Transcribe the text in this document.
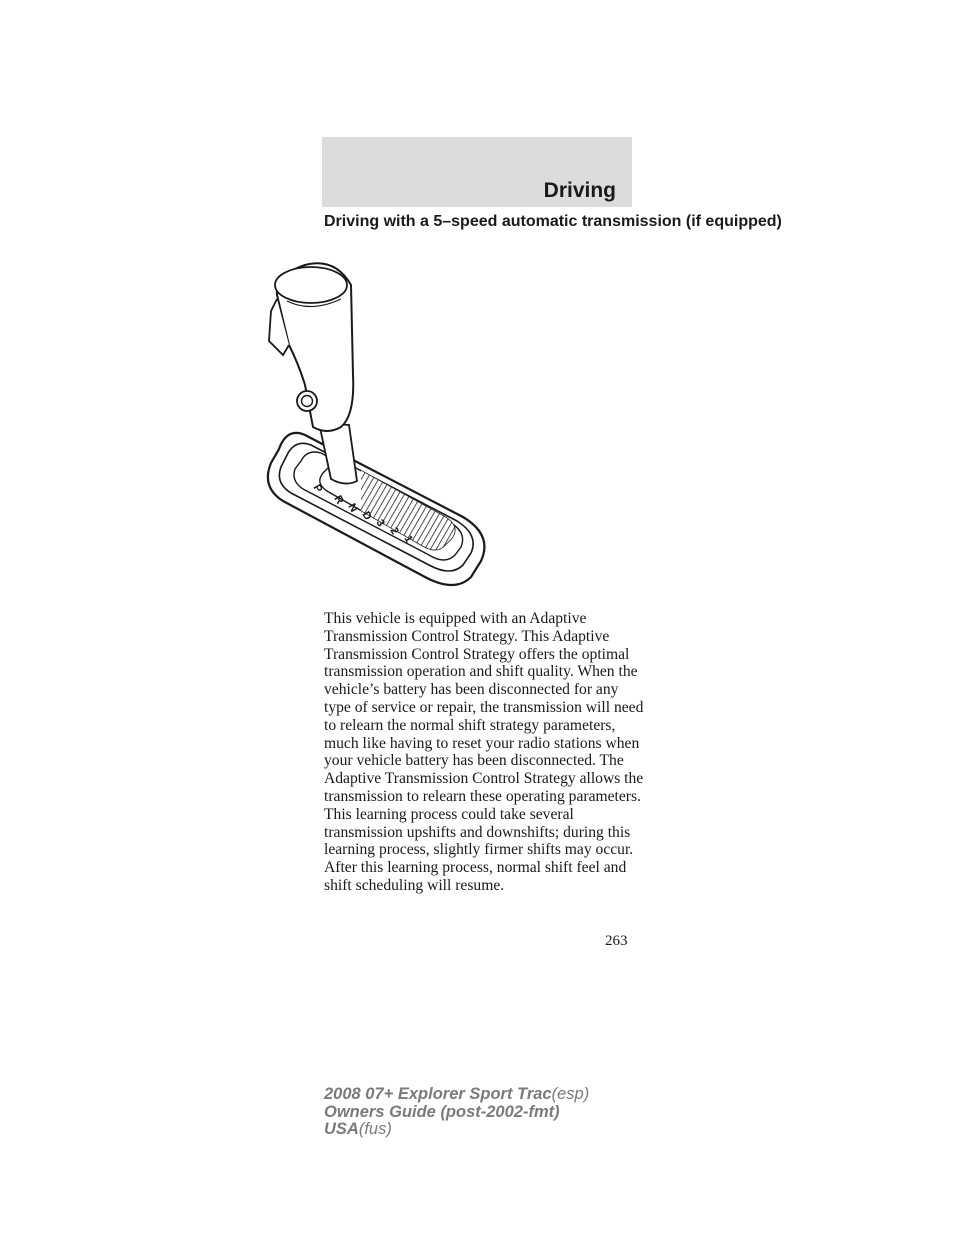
Driving
Driving with a 5–speed automatic transmission (if equipped)
P
R
N
D
3
2
1

This vehicle is equipped with an Adaptive Transmission Control Strategy. This Adaptive Transmission Control Strategy offers the optimal transmission operation and shift quality. When the vehicle’s battery has been disconnected for any type of service or repair, the transmission will need to relearn the normal shift strategy parameters, much like having to reset your radio stations when your vehicle battery has been disconnected. The Adaptive Transmission Control Strategy allows the transmission to relearn these operating parameters. This learning process could take several transmission upshifts and downshifts; during this learning process, slightly firmer shifts may occur. After this learning process, normal shift feel and shift scheduling will resume.

263
2008 07+ Explorer Sport Trac(esp)
Owners Guide (post-2002-fmt)
USA(fus)
